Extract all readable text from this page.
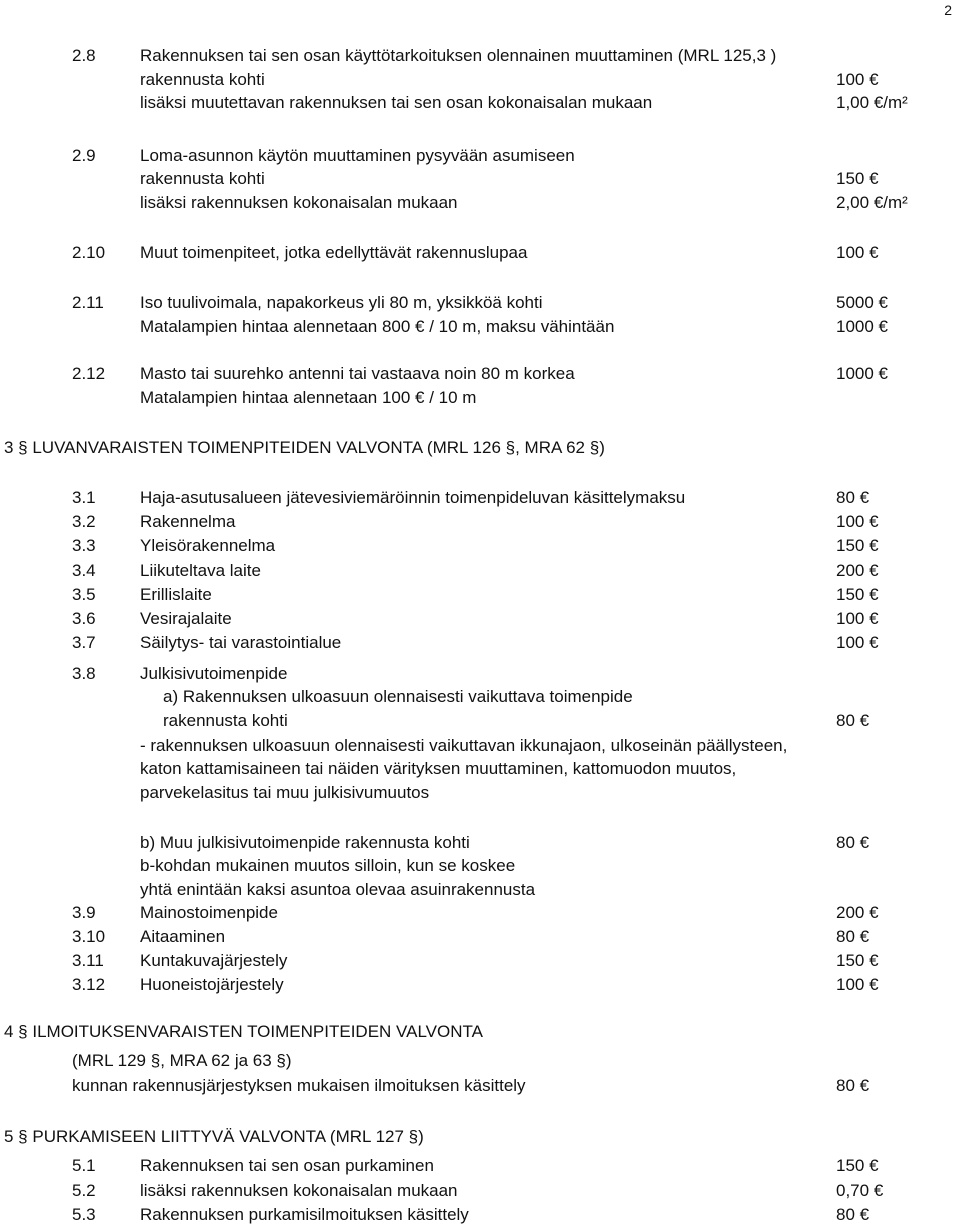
2
2.8	Rakennuksen tai sen osan käyttötarkoituksen olennainen muuttaminen (MRL 125,3 )
rakennusta kohti	100 €
lisäksi muutettavan rakennuksen tai sen osan kokonaisalan mukaan	1,00 €/m²
2.9	Loma-asunnon käytön muuttaminen pysyvään asumiseen
rakennusta kohti	150 €
lisäksi rakennuksen kokonaisalan mukaan	2,00 €/m²
2.10 Muut toimenpiteet, jotka edellyttävät rakennuslupaa	100 €
2.11 Iso tuulivoimala, napakorkeus yli 80 m, yksikköä kohti	5000 €
Matalampien hintaa alennetaan 800 € / 10 m, maksu vähintään	1000 €
2.12 Masto tai suurehko antenni tai vastaava noin 80 m korkea	1000 €
Matalampien hintaa alennetaan 100 € / 10 m
3 § LUVANVARAISTEN TOIMENPITEIDEN VALVONTA (MRL 126 §, MRA 62 §)
3.1	Haja-asutusalueen jätevesiviemäröinnin toimenpideluvan käsittelymaksu	80 €
3.2	Rakennelma	100 €
3.3	Yleisörakennelma	150 €
3.4	Liikuteltava laite	200 €
3.5	Erillislaite	150 €
3.6	Vesirajalaite	100 €
3.7	Säilytys- tai varastointialue	100 €
3.8	Julkisivutoimenpide
a) Rakennuksen ulkoasuun olennaisesti vaikuttava toimenpide
rakennusta kohti	80 €
- rakennuksen ulkoasuun olennaisesti vaikuttavan ikkunajaon, ulkoseinän päällysteen,
katon kattamisaineen tai näiden värityksen muuttaminen, kattomuodon muutos,
parvekelasitus tai muu julkisivumuutos
b) Muu julkisivutoimenpide rakennusta kohti	80 €
b-kohdan mukainen muutos silloin, kun se koskee
yhtä enintään kaksi asuntoa olevaa asuinrakennusta
3.9	Mainostoimenpide	200 €
3.10 Aitaaminen	80 €
3.11 Kuntakuvajärjestely	150 €
3.12 Huoneistojärjestely	100 €
4 § ILMOITUKSENVARAISTEN TOIMENPITEIDEN VALVONTA
(MRL 129 §, MRA 62 ja 63 §)
kunnan rakennusjärjestyksen mukaisen ilmoituksen käsittely	80 €
5 § PURKAMISEEN LIITTYVÄ VALVONTA (MRL 127 §)
5.1	Rakennuksen tai sen osan purkaminen	150 €
5.2	lisäksi rakennuksen kokonaisalan mukaan	0,70 €
5.3	Rakennuksen purkamisilmoituksen käsittely	80 €
